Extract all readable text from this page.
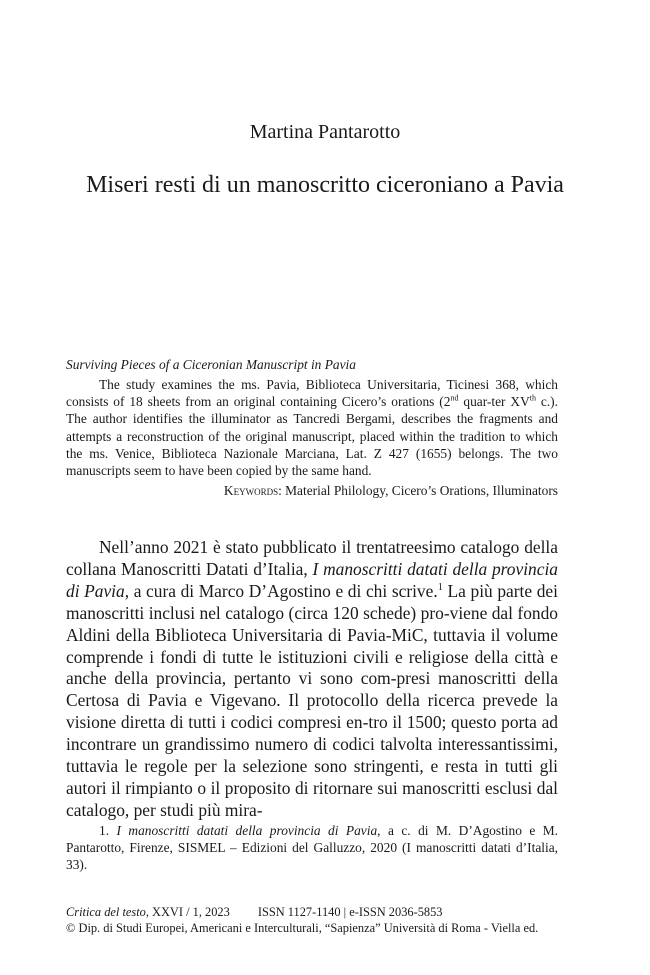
Martina Pantarotto
Miseri resti di un manoscritto ciceroniano a Pavia
Surviving Pieces of a Ciceronian Manuscript in Pavia
The study examines the ms. Pavia, Biblioteca Universitaria, Ticinesi 368, which consists of 18 sheets from an original containing Cicero’s orations (2nd quar-ter XVth c.). The author identifies the illuminator as Tancredi Bergami, describes the fragments and attempts a reconstruction of the original manuscript, placed within the tradition to which the ms. Venice, Biblioteca Nazionale Marciana, Lat. Z 427 (1655) belongs. The two manuscripts seem to have been copied by the same hand.
Keywords: Material Philology, Cicero’s Orations, Illuminators
Nell’anno 2021 è stato pubblicato il trentatreesimo catalogo della collana Manoscritti Datati d’Italia, I manoscritti datati della provincia di Pavia, a cura di Marco D’Agostino e di chi scrive.$^1$ La più parte dei manoscritti inclusi nel catalogo (circa 120 schede) pro-viene dal fondo Aldini della Biblioteca Universitaria di Pavia-MiC, tuttavia il volume comprende i fondi di tutte le istituzioni civili e religiose della città e anche della provincia, pertanto vi sono com-presi manoscritti della Certosa di Pavia e Vigevano. Il protocollo della ricerca prevede la visione diretta di tutti i codici compresi en-tro il 1500; questo porta ad incontrare un grandissimo numero di codici talvolta interessantissimi, tuttavia le regole per la selezione sono stringenti, e resta in tutti gli autori il rimpianto o il proposito di ritornare sui manoscritti esclusi dal catalogo, per studi più mira-
1. I manoscritti datati della provincia di Pavia, a c. di M. D’Agostino e M. Pantarotto, Firenze, SISMEL – Edizioni del Galluzzo, 2020 (I manoscritti datati d’Italia, 33).
Critica del testo, XXVI / 1, 2023 ISSN 1127-1140 | e-ISSN 2036-5853
© Dip. di Studi Europei, Americani e Interculturali, “Sapienza” Università di Roma - Viella ed.
